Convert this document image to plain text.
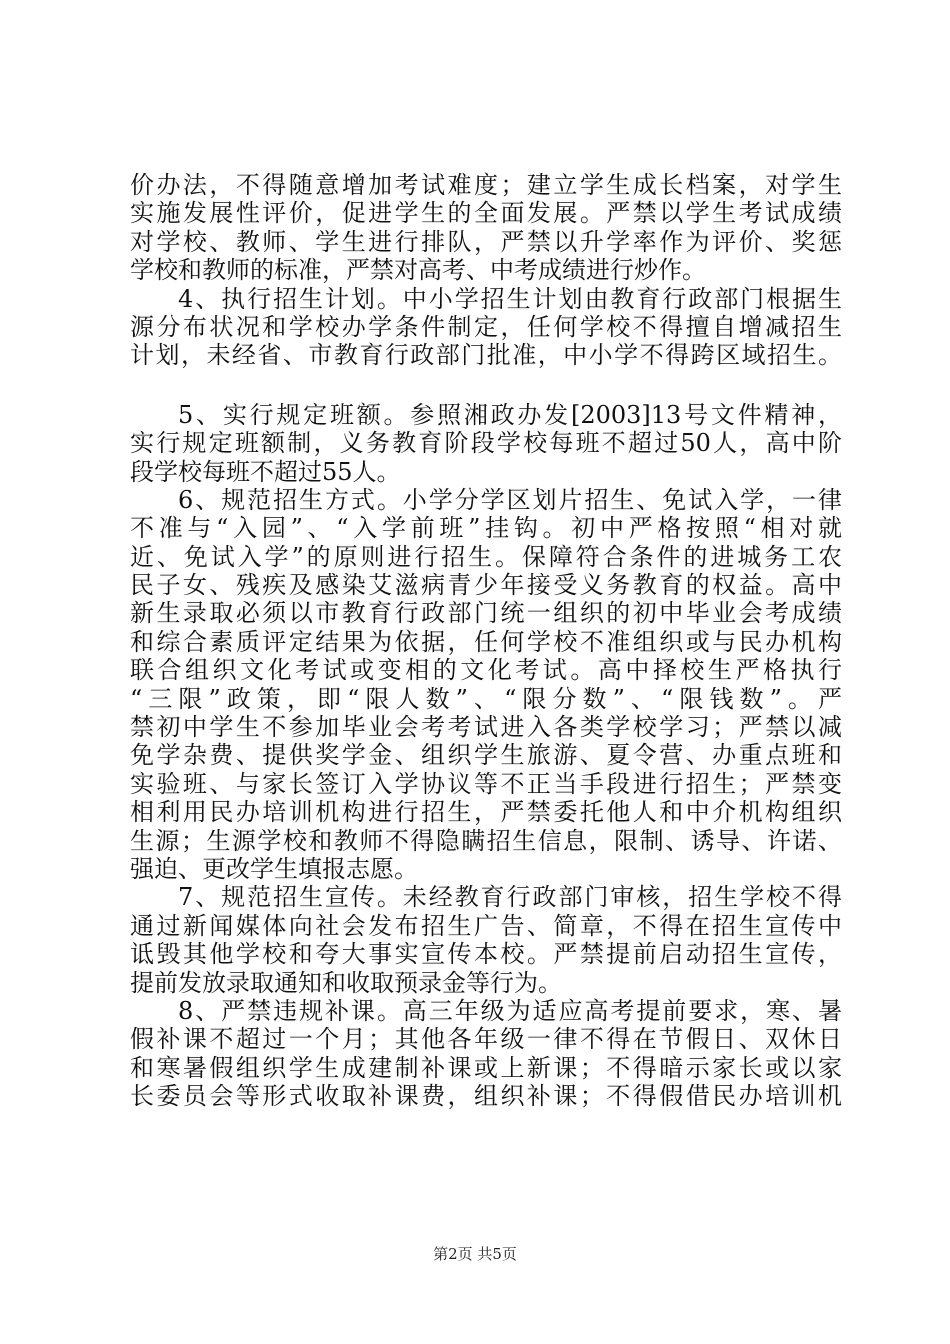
价办法，不得随意增加考试难度；建立学生成长档案，对学生
实施发展性评价，促进学生的全面发展。严禁以学生考试成绩
对学校、教师、学生进行排队，严禁以升学率作为评价、奖惩
学校和教师的标准，严禁对高考、中考成绩进行炒作。
4、执行招生计划。中小学招生计划由教育行政部门根据生
源分布状况和学校办学条件制定，任何学校不得擅自增减招生
计划，未经省、市教育行政部门批准，中小学不得跨区域招生。
5、实行规定班额。参照湘政办发[2003]13号文件精神，
实行规定班额制，义务教育阶段学校每班不超过50人，高中阶
段学校每班不超过55人。
6、规范招生方式。小学分学区划片招生、免试入学，一律
不准与“入园”、“入学前班”挂钩。初中严格按照“相对就
近、免试入学”的原则进行招生。保障符合条件的进城务工农
民子女、残疾及感染艾滋病青少年接受义务教育的权益。高中
新生录取必须以市教育行政部门统一组织的初中毕业会考成绩
和综合素质评定结果为依据，任何学校不准组织或与民办机构
联合组织文化考试或变相的文化考试。高中择校生严格执行
“三限”政策，即“限人数”、“限分数”、“限钱数”。严
禁初中学生不参加毕业会考考试进入各类学校学习；严禁以减
免学杂费、提供奖学金、组织学生旅游、夏令营、办重点班和
实验班、与家长签订入学协议等不正当手段进行招生；严禁变
相利用民办培训机构进行招生，严禁委托他人和中介机构组织
生源；生源学校和教师不得隐瞒招生信息，限制、诱导、许诺、
强迫、更改学生填报志愿。
7、规范招生宣传。未经教育行政部门审核，招生学校不得
通过新闻媒体向社会发布招生广告、简章，不得在招生宣传中
诋毁其他学校和夸大事实宣传本校。严禁提前启动招生宣传，
提前发放录取通知和收取预录金等行为。
8、严禁违规补课。高三年级为适应高考提前要求，寒、暑
假补课不超过一个月；其他各年级一律不得在节假日、双休日
和寒暑假组织学生成建制补课或上新课；不得暗示家长或以家
长委员会等形式收取补课费，组织补课；不得假借民办培训机
第2页 共5页
